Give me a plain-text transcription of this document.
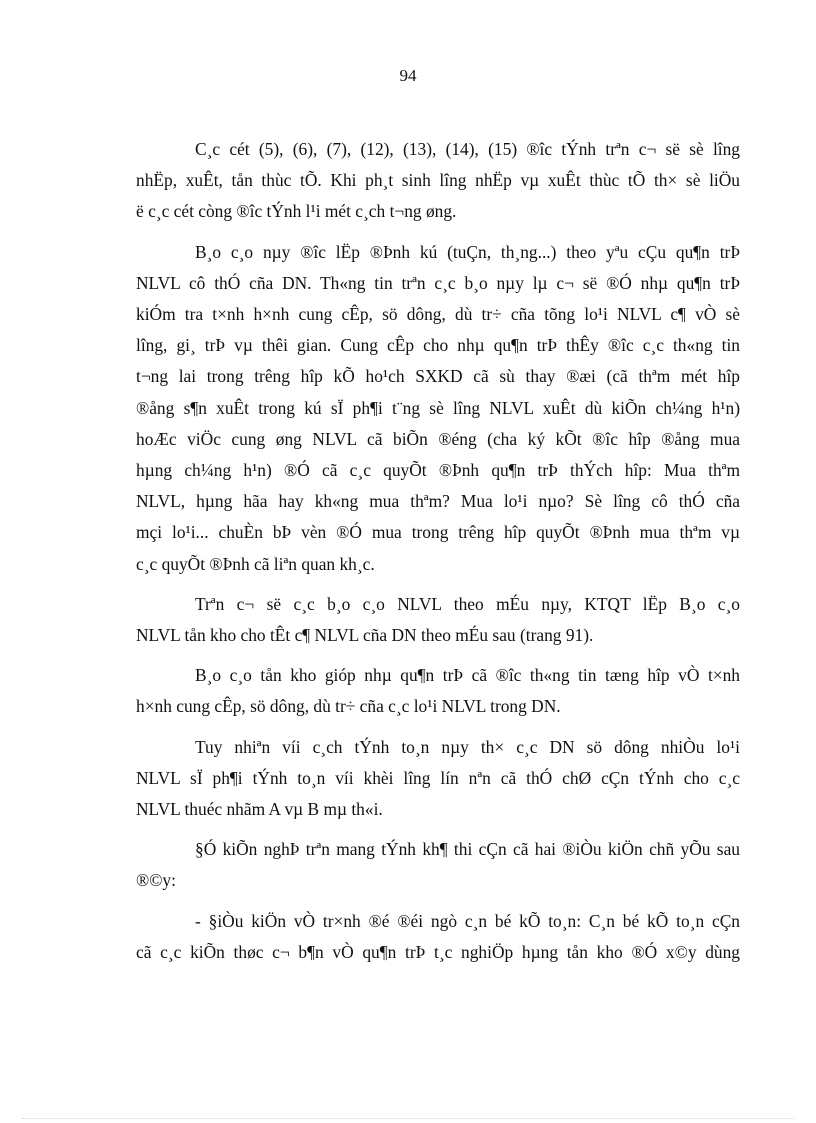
94

C¸c cét (5), (6), (7), (12), (13), (14), (15) ®îc tÝnh trªn c¬ së sè lîng
nhËp, xuÊt, tån thùc tÕ. Khi ph¸t sinh lîng nhËp vµ xuÊt thùc tÕ th× sè liÖu
ë c¸c cét còng ®îc tÝnh l¹i mét c¸ch t¬ng øng.

B¸o c¸o nµy ®îc lËp ®Þnh kú (tuÇn, th¸ng...) theo yªu cÇu qu¶n trÞ
NLVL cô thÓ cña DN. Th«ng tin trªn c¸c b¸o nµy lµ c¬ së ®Ó nhµ qu¶n trÞ
kiÓm tra t×nh h×nh cung cÊp, sö dông, dù tr÷ cña tõng lo¹i NLVL c¶ vÒ sè
lîng, gi¸ trÞ vµ thêi gian. Cung cÊp cho nhµ qu¶n trÞ thÊy ®îc c¸c th«ng tin
t¬ng lai trong trêng hîp kÕ ho¹ch SXKD cã sù thay ®æi (cã thªm mét hîp
®ång s¶n xuÊt trong kú sÏ ph¶i t¨ng sè lîng NLVL xuÊt dù kiÕn ch¼ng h¹n)
hoÆc viÖc cung øng NLVL cã biÕn ®éng (cha ký kÕt ®îc hîp ®ång mua
hµng ch¼ng h¹n) ®Ó cã c¸c quyÕt ®Þnh qu¶n trÞ thÝch hîp: Mua thªm
NLVL, hµng hãa hay kh«ng mua thªm? Mua lo¹i nµo? Sè lîng cô thÓ cña
mçi lo¹i... chuÈn bÞ vèn ®Ó mua trong trêng hîp quyÕt ®Þnh mua thªm vµ
c¸c quyÕt ®Þnh cã liªn quan kh¸c.

Trªn c¬ së c¸c b¸o c¸o NLVL theo mÉu nµy, KTQT lËp B¸o c¸o
NLVL tån kho cho tÊt c¶ NLVL cña DN theo mÉu sau (trang 91).

B¸o c¸o tån kho gióp nhµ qu¶n trÞ cã ®îc th«ng tin tæng hîp vÒ t×nh
h×nh cung cÊp, sö dông, dù tr÷ cña c¸c lo¹i NLVL trong DN.

Tuy nhiªn víi c¸ch tÝnh to¸n nµy th× c¸c DN sö dông nhiÒu lo¹i
NLVL sÏ ph¶i tÝnh to¸n víi khèi lîng lín nªn cã thÓ chØ cÇn tÝnh cho c¸c
NLVL thuéc nhãm A vµ B mµ th«i.

§Ó kiÕn nghÞ trªn mang tÝnh kh¶ thi cÇn cã hai ®iÒu kiÖn chñ yÕu sau
®©y:

- §iÒu kiÖn vÒ tr×nh ®é ®éi ngò c¸n bé kÕ to¸n: C¸n bé kÕ to¸n cÇn
cã c¸c kiÕn thøc c¬ b¶n vÒ qu¶n trÞ t¸c nghiÖp hµng tån kho ®Ó x©y dùng
